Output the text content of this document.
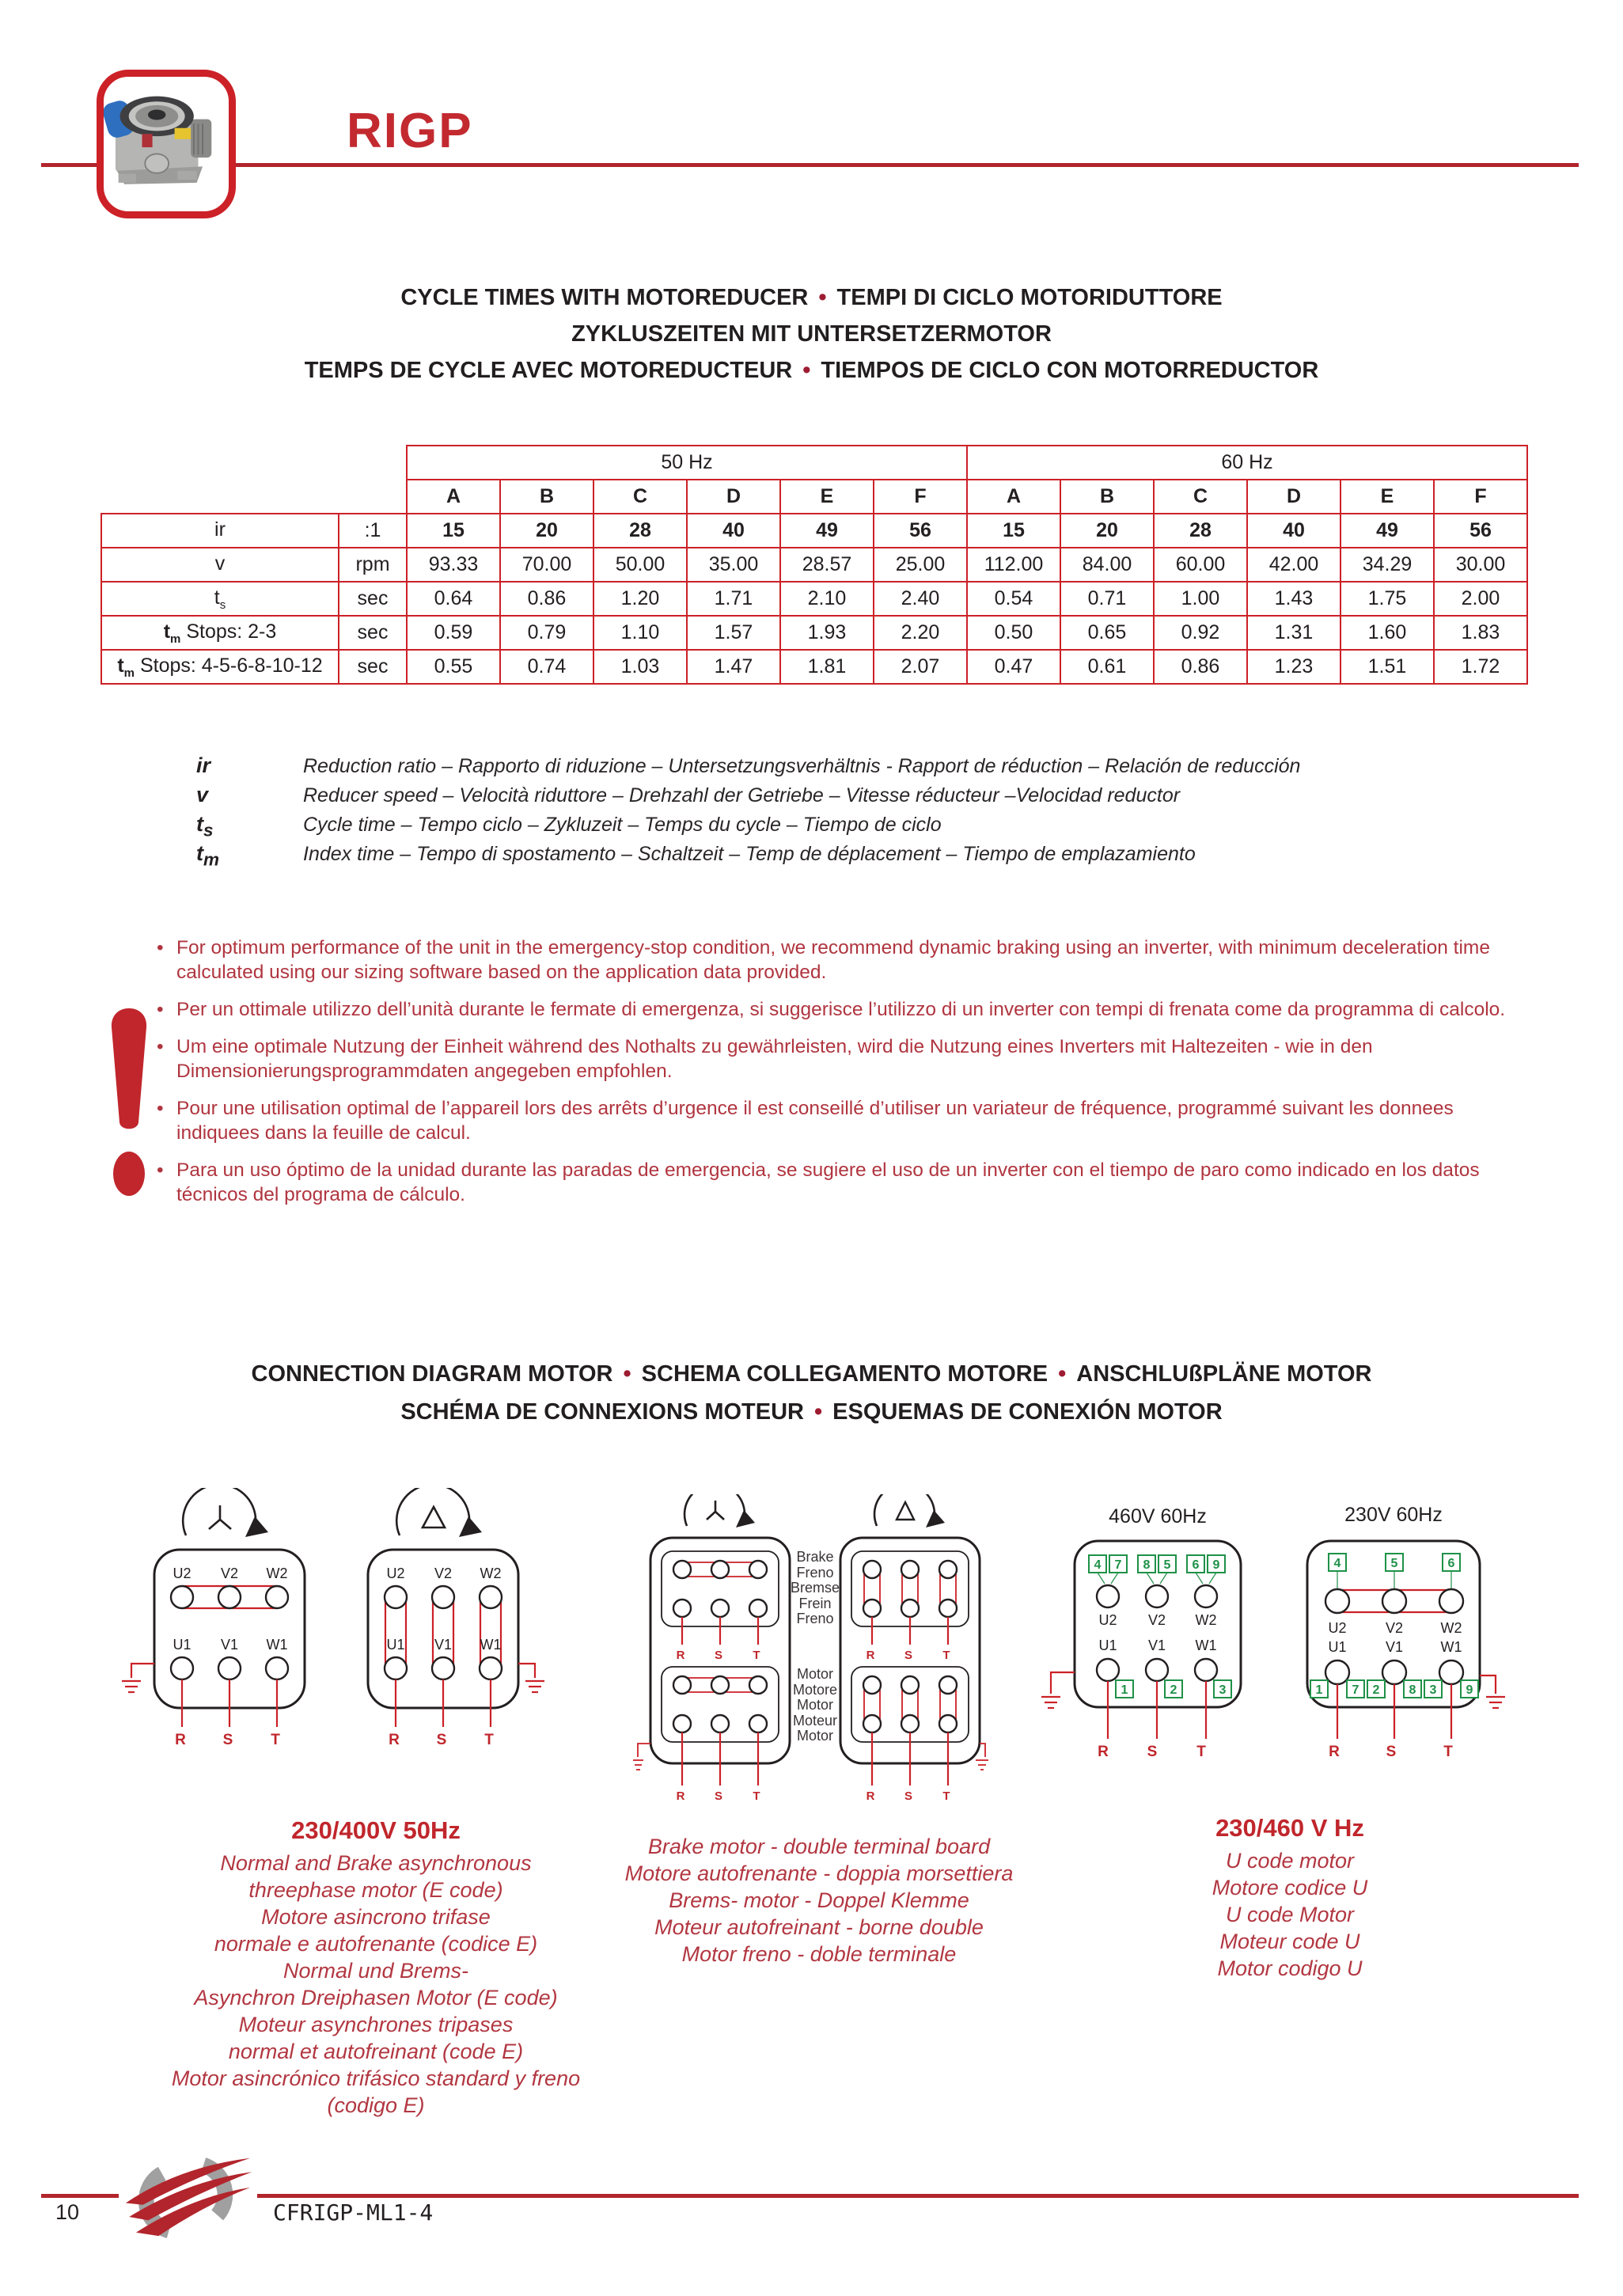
RIGP
CYCLE TIMES WITH MOTOREDUCER • TEMPI DI CICLO MOTORIDUTTORE
ZYKLUSZEITEN MIT UNTERSETZERMOTOR
TEMPS DE CYCLE AVEC MOTOREDUCTEUR • TIEMPOS DE CICLO CON MOTORREDUCTOR
		50 Hz						60 Hz					
		A	B	C	D	E	F	A	B	C	D	E	F
ir	:1	15	20	28	40	49	56	15	20	28	40	49	56
v	rpm	93.33	70.00	50.00	35.00	28.57	25.00	112.00	84.00	60.00	42.00	34.29	30.00
$t_s$	sec	0.64	0.86	1.20	1.71	2.10	2.40	0.54	0.71	1.00	1.43	1.75	2.00
$t_m$ Stops: 2-3	sec	0.59	0.79	1.10	1.57	1.93	2.20	0.50	0.65	0.92	1.31	1.60	1.83
$t_m$ Stops: 4-5-6-8-10-12	sec	0.55	0.74	1.03	1.47	1.81	2.07	0.47	0.61	0.86	1.23	1.51	1.72
ir	Reduction ratio – Rapporto di riduzione – Untersetzungsverhältnis - Rapport de réduction – Relación de reducción
v	Reducer speed – Velocità riduttore – Drehzahl der Getriebe – Vitesse réducteur –Velocidad reductor
$t_s$	Cycle time – Tempo ciclo – Zykluzeit – Temps du cycle – Tiempo de ciclo
$t_m$	Index time – Tempo di spostamento – Schaltzeit – Temp de déplacement – Tiempo de emplazamiento
• For optimum performance of the unit in the emergency-stop condition, we recommend dynamic braking using an inverter, with minimum deceleration time calculated using our sizing software based on the application data provided.
• Per un ottimale utilizzo dell’unità durante le fermate di emergenza, si suggerisce l’utilizzo di un inverter con tempi di frenata come da programma di calcolo.
• Um eine optimale Nutzung der Einheit während des Nothalts zu gewährleisten, wird die Nutzung eines Inverters mit Haltezeiten - wie in den Dimensionierungsprogrammdaten angegeben empfohlen.
• Pour une utilisation optimal de l’appareil lors des arrêts d’urgence il est conseillé d’utiliser un variateur de fréquence, programmé suivant les donnees indiquees dans la feuille de calcul.
• Para un uso óptimo de la unidad durante las paradas de emergencia, se sugiere el uso de un inverter con el tiempo de paro como indicado en los datos técnicos del programa de cálculo.
CONNECTION DIAGRAM MOTOR • SCHEMA COLLEGAMENTO MOTORE • ANSCHLUßPLÄNE MOTOR
SCHÉMA DE CONNEXIONS MOTEUR • ESQUEMAS DE CONEXIÓN MOTOR
U2 V2 W2
U1 V1 W1
R S	T
U2 V2 W2
U1 V1 W1
R S	T
R	S	T
R	S	T
Brake
Freno
Bremse
Frein
Freno
Motor
Motore
Motor
Moteur
Motor
R	S	T
R	S	T
460V 60Hz
4 7 8 5 6 9
U2 V2 W2
U1 V1 W1
1	2	3
R	S	T
230V 60Hz
4	5	6
U2	V2	W2
U1	V1	W1
1 7 2 8 3 9
R	S	T
230/400V 50Hz
Normal and Brake asynchronous
threephase motor (E code)
Motore asincrono trifase
normale e autofrenante (codice E)
Normal und Brems-
Asynchron Dreiphasen Motor (E code)
Moteur asynchrones tripases
normal et autofreinant (code E)
Motor asincrónico trifásico standard y freno
(codigo E)
Brake motor - double terminal board
Motore autofrenante - doppia morsettiera
Brems- motor - Doppel Klemme
Moteur autofreinant - borne double
Motor freno - doble terminale
230/460 V Hz
U code motor
Motore codice U
U code Motor
Moteur code U
Motor codigo U
10	CFRIGP-ML1-4
